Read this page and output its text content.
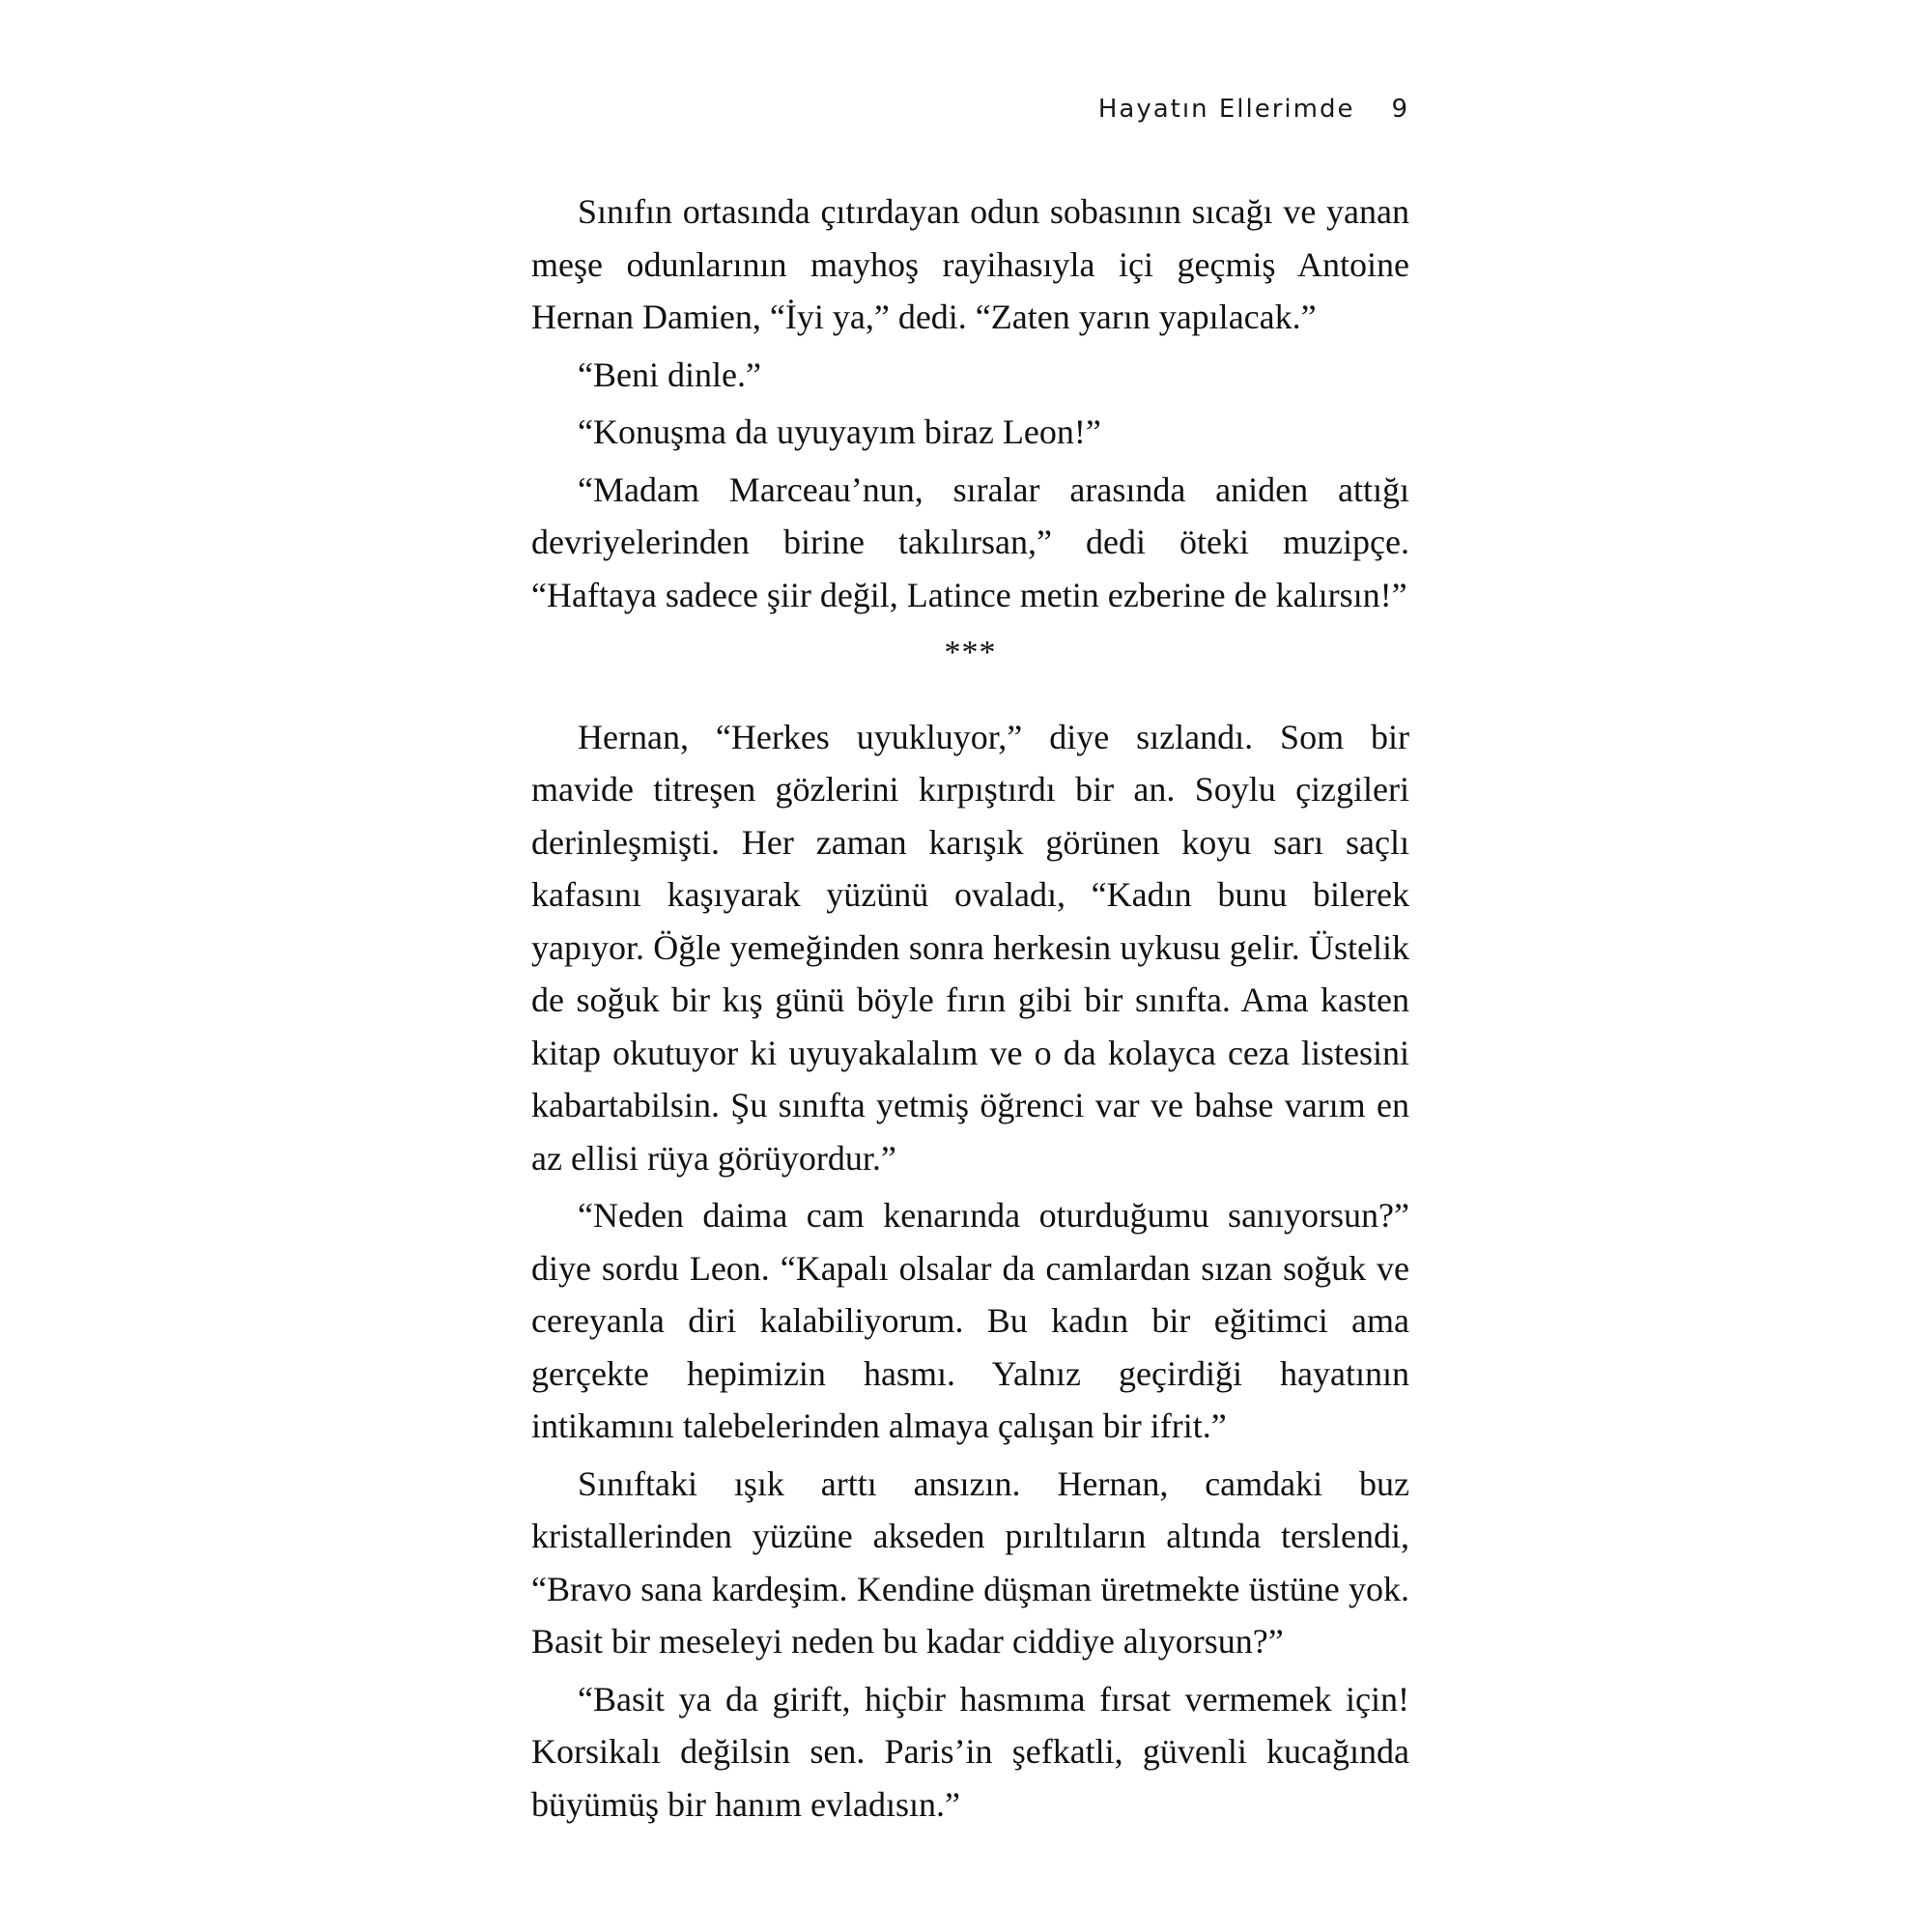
Hayatın Ellerimde 9

Sınıfın ortasında çıtırdayan odun sobasının sıcağı ve yanan meşe odunlarının mayhoş rayihasıyla içi geçmiş Antoine Hernan Damien, “İyi ya,” dedi. “Zaten yarın yapılacak.”

“Beni dinle.”

“Konuşma da uyuyayım biraz Leon!”

“Madam Marceau’nun, sıralar arasında aniden attığı devriyelerinden birine takılırsan,” dedi öteki muzipçe. “Haftaya sadece şiir değil, Latince metin ezberine de kalırsın!”

***

Hernan, “Herkes uyukluyor,” diye sızlandı. Som bir mavide titreşen gözlerini kırpıştırdı bir an. Soylu çizgileri derinleşmişti. Her zaman karışık görünen koyu sarı saçlı kafasını kaşıyarak yüzünü ovaladı, “Kadın bunu bilerek yapıyor. Öğle yemeğinden sonra herkesin uykusu gelir. Üstelik de soğuk bir kış günü böyle fırın gibi bir sınıfta. Ama kasten kitap okutuyor ki uyuyakalalım ve o da kolayca ceza listesini kabartabilsin. Şu sınıfta yetmiş öğrenci var ve bahse varım en az ellisi rüya görüyordur.”

“Neden daima cam kenarında oturduğumu sanıyorsun?” diye sordu Leon. “Kapalı olsalar da camlardan sızan soğuk ve cereyanla diri kalabiliyorum. Bu kadın bir eğitimci ama gerçekte hepimizin hasmı. Yalnız geçirdiği hayatının intikamını talebelerinden almaya çalışan bir ifrit.”

Sınıftaki ışık arttı ansızın. Hernan, camdaki buz kristallerinden yüzüne akseden pırıltıların altında terslendi, “Bravo sana kardeşim. Kendine düşman üretmekte üstüne yok. Basit bir meseleyi neden bu kadar ciddiye alıyorsun?”

“Basit ya da girift, hiçbir hasmıma fırsat vermemek için! Korsikalı değilsin sen. Paris’in şefkatli, güvenli kucağında büyümüş bir hanım evladısın.”
